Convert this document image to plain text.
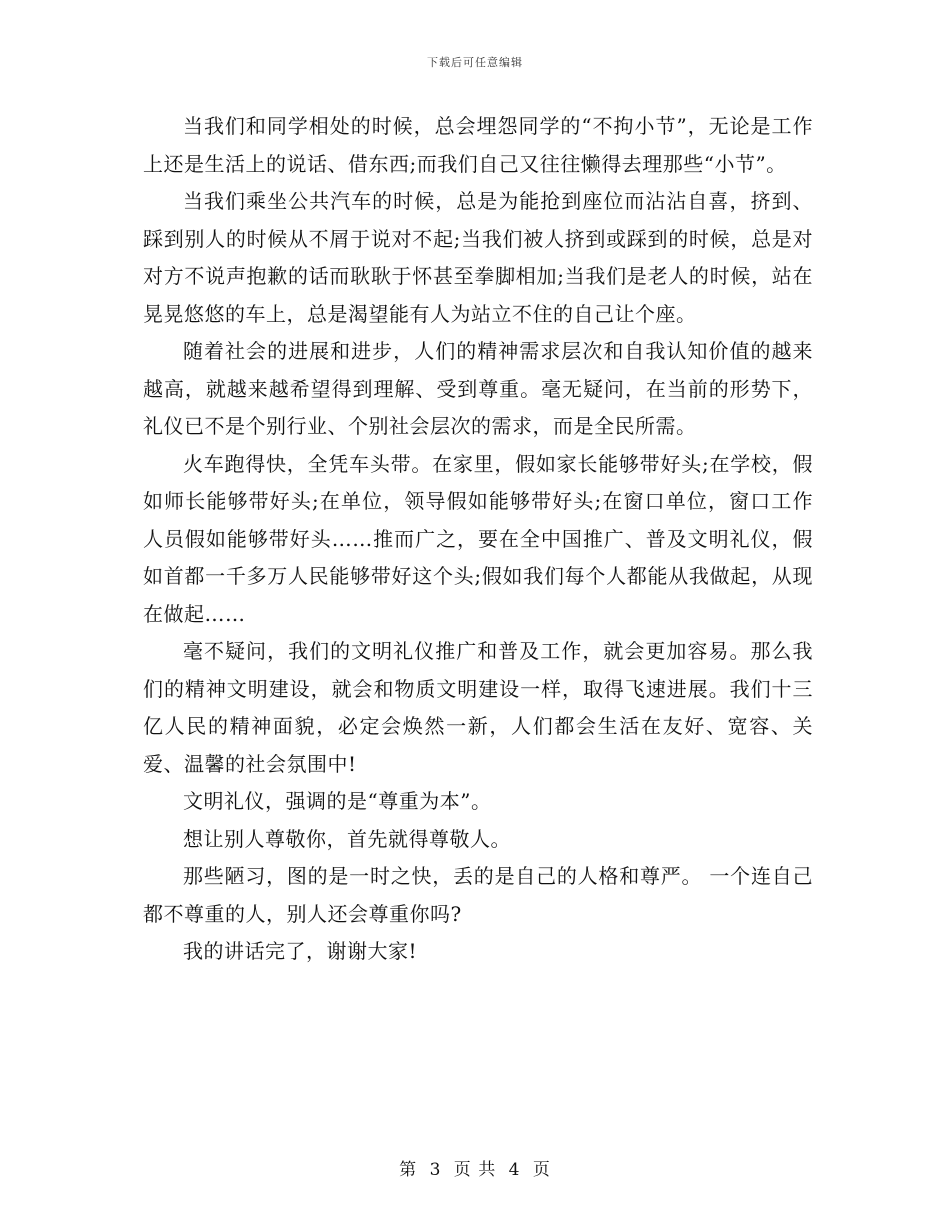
下载后可任意编辑

当我们和同学相处的时候，总会埋怨同学的“不拘小节”，无论是工作上还是生活上的说话、借东西;而我们自己又往往懒得去理那些“小节”。

当我们乘坐公共汽车的时候，总是为能抢到座位而沾沾自喜，挤到、踩到别人的时候从不屑于说对不起;当我们被人挤到或踩到的时候，总是对对方不说声抱歉的话而耿耿于怀甚至拳脚相加;当我们是老人的时候，站在晃晃悠悠的车上，总是渴望能有人为站立不住的自己让个座。

随着社会的进展和进步，人们的精神需求层次和自我认知价值的越来越高，就越来越希望得到理解、受到尊重。毫无疑问，在当前的形势下，礼仪已不是个别行业、个别社会层次的需求，而是全民所需。

火车跑得快，全凭车头带。在家里，假如家长能够带好头;在学校，假如师长能够带好头;在单位，领导假如能够带好头;在窗口单位，窗口工作人员假如能够带好头……推而广之，要在全中国推广、普及文明礼仪，假如首都一千多万人民能够带好这个头;假如我们每个人都能从我做起，从现在做起……

毫不疑问，我们的文明礼仪推广和普及工作，就会更加容易。那么我们的精神文明建设，就会和物质文明建设一样，取得飞速进展。我们十三亿人民的精神面貌，必定会焕然一新，人们都会生活在友好、宽容、关爱、温馨的社会氛围中!

文明礼仪，强调的是“尊重为本”。

想让别人尊敬你，首先就得尊敬人。

那些陋习，图的是一时之快，丢的是自己的人格和尊严。 一个连自己都不尊重的人，别人还会尊重你吗?

我的讲话完了，谢谢大家!

第 3 页 共 4 页
